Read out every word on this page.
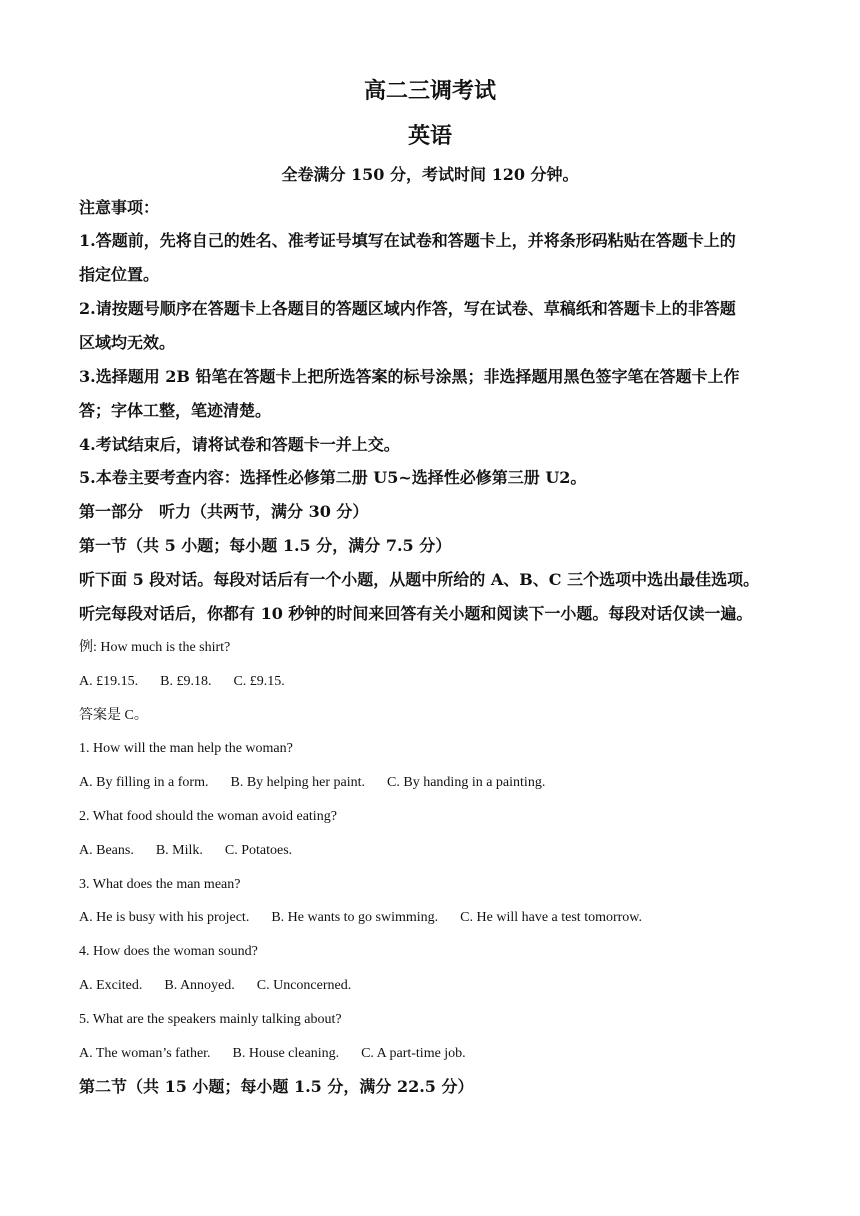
高二三调考试
英语
全卷满分 150 分，考试时间 120 分钟。
注意事项：
1.答题前，先将自己的姓名、准考证号填写在试卷和答题卡上，并将条形码粘贴在答题卡上的
指定位置。
2.请按题号顺序在答题卡上各题目的答题区域内作答，写在试卷、草稿纸和答题卡上的非答题
区域均无效。
3.选择题用 2B 铅笔在答题卡上把所选答案的标号涂黑；非选择题用黑色签字笔在答题卡上作
答；字体工整，笔迹清楚。
4.考试结束后，请将试卷和答题卡一并上交。
5.本卷主要考查内容：选择性必修第二册 U5~选择性必修第三册 U2。
第一部分　听力（共两节，满分 30 分）
第一节（共 5 小题；每小题 1.5 分，满分 7.5 分）
听下面 5 段对话。每段对话后有一个小题，从题中所给的 A、B、C 三个选项中选出最佳选项。
听完每段对话后，你都有 10 秒钟的时间来回答有关小题和阅读下一小题。每段对话仅读一遍。
例: How much is the shirt?
A. £19.15. B. £9.18. C. £9.15.
答案是 C。
1. How will the man help the woman?
A. By filling in a form. B. By helping her paint. C. By handing in a painting.
2. What food should the woman avoid eating?
A. Beans. B. Milk. C. Potatoes.
3. What does the man mean?
A. He is busy with his project. B. He wants to go swimming. C. He will have a test tomorrow.
4. How does the woman sound?
A. Excited. B. Annoyed. C. Unconcerned.
5. What are the speakers mainly talking about?
A. The woman’s father. B. House cleaning. C. A part-time job.
第二节（共 15 小题；每小题 1.5 分，满分 22.5 分）
